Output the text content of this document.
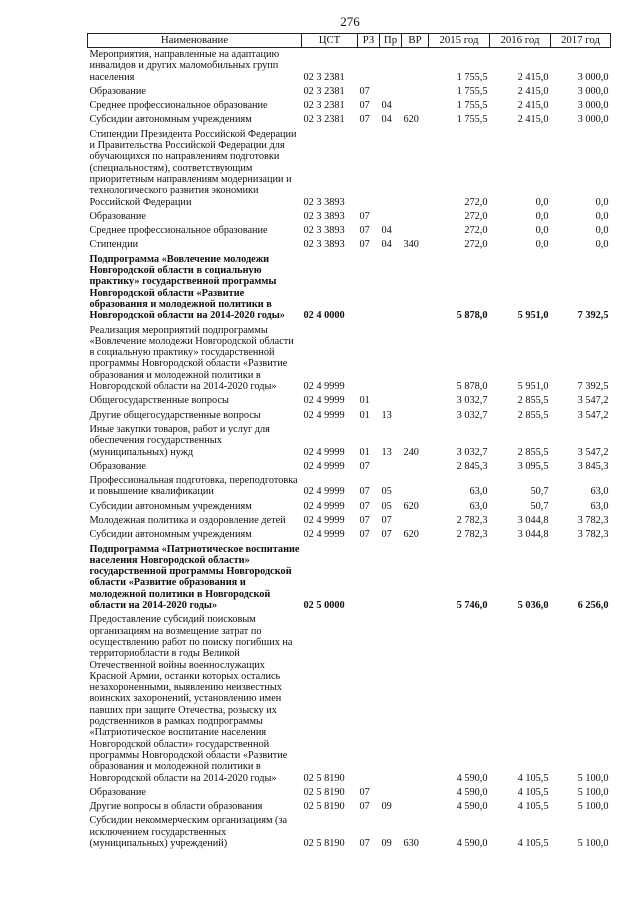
276
Наименование	ЦСТ	РЗ	Пр	ВР	2015 год	2016 год	2017 год
Мероприятия, направленные на адаптацию инвалидов и других маломобильных групп населения	02 3 2381				1 755,5	2 415,0	3 000,0
Образование	02 3 2381	07			1 755,5	2 415,0	3 000,0
Среднее профессиональное образование	02 3 2381	07	04		1 755,5	2 415,0	3 000,0
Субсидии автономным учреждениям	02 3 2381	07	04	620	1 755,5	2 415,0	3 000,0
Стипендии Президента Российской Федерации и Правительства Российской Федерации для обучающихся по направлениям подготовки (специальностям), соответствующим приоритетным направлениям модернизации и технологического развития экономики Российской Федерации	02 3 3893				272,0	0,0	0,0
Образование	02 3 3893	07			272,0	0,0	0,0
Среднее профессиональное образование	02 3 3893	07	04		272,0	0,0	0,0
Стипендии	02 3 3893	07	04	340	272,0	0,0	0,0
Подпрограмма «Вовлечение молодежи Новгородской области в социальную практику» государственной программы Новгородской области «Развитие образования и молодежной политики в Новгородской области на 2014-2020 годы»	02 4 0000				5 878,0	5 951,0	7 392,5
Реализация мероприятий подпрограммы «Вовлечение молодежи Новгородской области в социальную практику» государственной программы Новгородской области «Развитие образования и молодежной политики в Новгородской области на 2014-2020 годы»	02 4 9999				5 878,0	5 951,0	7 392,5
Общегосударственные вопросы	02 4 9999	01			3 032,7	2 855,5	3 547,2
Другие общегосударственные вопросы	02 4 9999	01	13		3 032,7	2 855,5	3 547,2
Иные закупки товаров, работ и услуг для обеспечения государственных (муниципальных) нужд	02 4 9999	01	13	240	3 032,7	2 855,5	3 547,2
Образование	02 4 9999	07			2 845,3	3 095,5	3 845,3
Профессиональная подготовка, переподготовка и повышение квалификации	02 4 9999	07	05		63,0	50,7	63,0
Субсидии автономным учреждениям	02 4 9999	07	05	620	63,0	50,7	63,0
Молодежная политика и оздоровление детей	02 4 9999	07	07		2 782,3	3 044,8	3 782,3
Субсидии автономным учреждениям	02 4 9999	07	07	620	2 782,3	3 044,8	3 782,3
Подпрограмма «Патриотическое воспитание населения Новгородской области» государственной программы Новгородской области «Развитие образования и молодежной политики в Новгородской области на 2014-2020 годы»	02 5 0000				5 746,0	5 036,0	6 256,0
Предоставление субсидий поисковым организациям на возмещение затрат по осуществлению работ по поиску погибших на территориобласти в годы Великой Отечественной войны военнослужащих Красной Армии, останки которых остались незахороненными, выявлению неизвестных воинских захоронений, установлению имен павших при защите Отечества, розыску их родственников в рамках подпрограммы «Патриотическое воспитание населения Новгородской области» государственной программы Новгородской области «Развитие образования и молодежной политики в Новгородской области на 2014-2020 годы»	02 5 8190				4 590,0	4 105,5	5 100,0
Образование	02 5 8190	07			4 590,0	4 105,5	5 100,0
Другие вопросы в области образования	02 5 8190	07	09		4 590,0	4 105,5	5 100,0
Субсидии некоммерческим организациям (за исключением государственных (муниципальных) учреждений)	02 5 8190	07	09	630	4 590,0	4 105,5	5 100,0
